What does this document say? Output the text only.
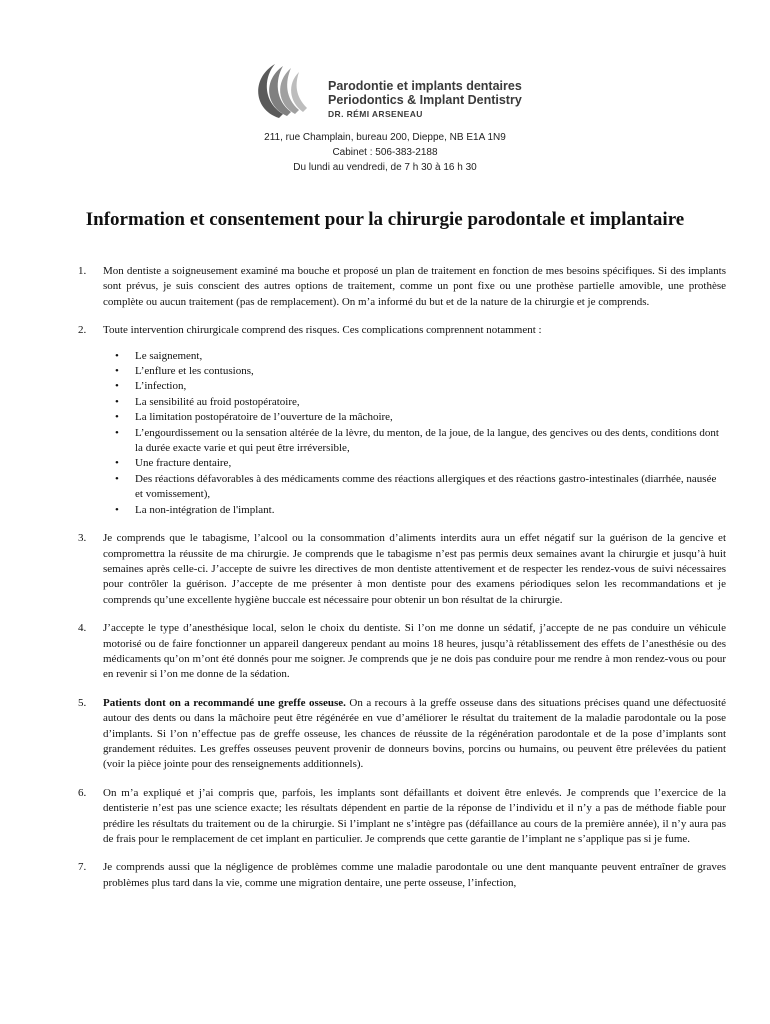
Parodontie et implants dentaires
Periodontics & Implant Dentistry
DR. RÉMI ARSENEAU
211, rue Champlain, bureau 200, Dieppe, NB E1A 1N9
Cabinet : 506-383-2188
Du lundi au vendredi, de 7 h 30 à 16 h 30
Information et consentement pour la chirurgie parodontale et implantaire
1. Mon dentiste a soigneusement examiné ma bouche et proposé un plan de traitement en fonction de mes besoins spécifiques. Si des implants sont prévus, je suis conscient des autres options de traitement, comme un pont fixe ou une prothèse partielle amovible, une prothèse complète ou aucun traitement (pas de remplacement). On m’a informé du but et de la nature de la chirurgie et je comprends.
2. Toute intervention chirurgicale comprend des risques. Ces complications comprennent notamment :
• Le saignement,
• L’enflure et les contusions,
• L’infection,
• La sensibilité au froid postopératoire,
• La limitation postopératoire de l’ouverture de la mâchoire,
• L’engourdissement ou la sensation altérée de la lèvre, du menton, de la joue, de la langue, des gencives ou des dents, conditions dont la durée exacte varie et qui peut être irréversible,
• Une fracture dentaire,
• Des réactions défavorables à des médicaments comme des réactions allergiques et des réactions gastro-intestinales (diarrhée, nausée et vomissement),
• La non-intégration de l'implant.
3. Je comprends que le tabagisme, l’alcool ou la consommation d’aliments interdits aura un effet négatif sur la guérison de la gencive et compromettra la réussite de ma chirurgie. Je comprends que le tabagisme n’est pas permis deux semaines avant la chirurgie et jusqu’à huit semaines après celle-ci. J’accepte de suivre les directives de mon dentiste attentivement et de respecter les rendez-vous de suivi nécessaires pour contrôler la guérison. J’accepte de me présenter à mon dentiste pour des examens périodiques selon les recommandations et je comprends qu’une excellente hygiène buccale est nécessaire pour obtenir un bon résultat de la chirurgie.
4. J’accepte le type d’anesthésique local, selon le choix du dentiste. Si l’on me donne un sédatif, j’accepte de ne pas conduire un véhicule motorisé ou de faire fonctionner un appareil dangereux pendant au moins 18 heures, jusqu’à rétablissement des effets de l’anesthésie ou des médicaments qu’on m’ont été donnés pour me soigner. Je comprends que je ne dois pas conduire pour me rendre à mon rendez-vous ou pour en revenir si l’on me donne de la sédation.
5. Patients dont on a recommandé une greffe osseuse. On a recours à la greffe osseuse dans des situations précises quand une défectuosité autour des dents ou dans la mâchoire peut être régénérée en vue d’améliorer le résultat du traitement de la maladie parodontale ou la pose d’implants. Si l’on n’effectue pas de greffe osseuse, les chances de réussite de la régénération parodontale et de la pose d’implants sont grandement réduites. Les greffes osseuses peuvent provenir de donneurs bovins, porcins ou humains, ou peuvent être prélevées du patient (voir la pièce jointe pour des renseignements additionnels).
6. On m’a expliqué et j’ai compris que, parfois, les implants sont défaillants et doivent être enlevés. Je comprends que l’exercice de la dentisterie n’est pas une science exacte; les résultats dépendent en partie de la réponse de l’individu et il n’y a pas de méthode fiable pour prédire les résultats du traitement ou de la chirurgie. Si l’implant ne s’intègre pas (défaillance au cours de la première année), il n’y aura pas de frais pour le remplacement de cet implant en particulier. Je comprends que cette garantie de l’implant ne s’applique pas si je fume.
7. Je comprends aussi que la négligence de problèmes comme une maladie parodontale ou une dent manquante peuvent entraîner de graves problèmes plus tard dans la vie, comme une migration dentaire, une perte osseuse, l’infection,
